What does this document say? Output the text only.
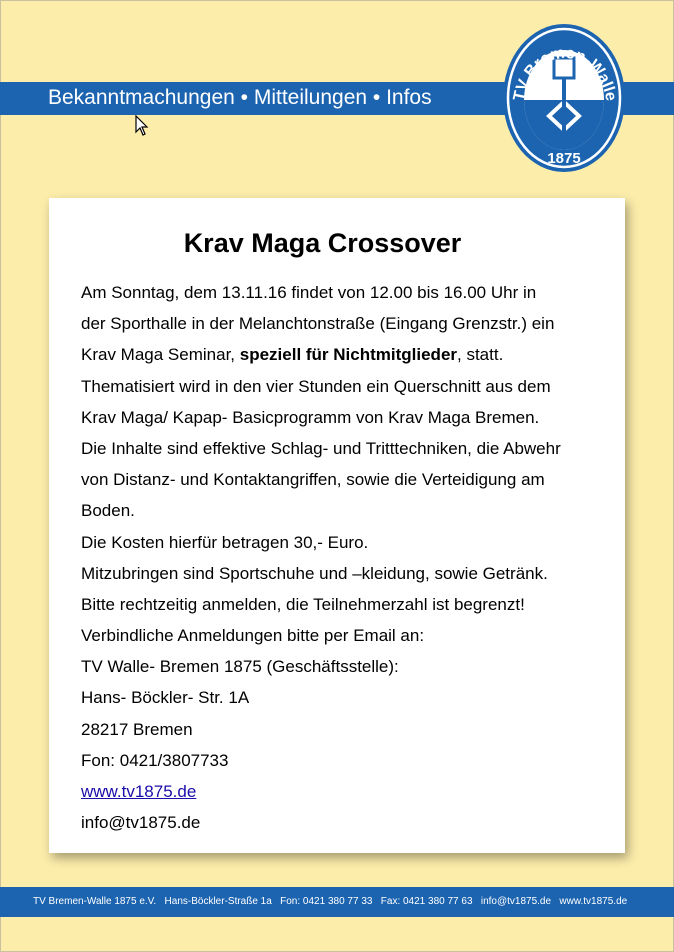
Bekanntmachungen • Mitteilungen • Infos	TV Bremen-Walle
1875
Krav Maga Crossover
Am Sonntag, dem 13.11.16 findet von 12.00 bis 16.00 Uhr in
der Sporthalle in der Melanchtonstraße (Eingang Grenzstr.) ein
Krav Maga Seminar, speziell für Nichtmitglieder, statt.
Thematisiert wird in den vier Stunden ein Querschnitt aus dem
Krav Maga/ Kapap- Basicprogramm von Krav Maga Bremen.
Die Inhalte sind effektive Schlag- und Tritttechniken, die Abwehr
von Distanz- und Kontaktangriffen, sowie die Verteidigung am
Boden.
Die Kosten hierfür betragen 30,- Euro.
Mitzubringen sind Sportschuhe und –kleidung, sowie Getränk.
Bitte rechtzeitig anmelden, die Teilnehmerzahl ist begrenzt!
Verbindliche Anmeldungen bitte per Email an:
TV Walle- Bremen 1875 (Geschäftsstelle):
Hans- Böckler- Str. 1A
28217 Bremen
Fon: 0421/3807733
www.tv1875.de
info@tv1875.de
TV Bremen-Walle 1875 e.V.   Hans-Böckler-Straße 1a   Fon: 0421 380 77 33   Fax: 0421 380 77 63   info@tv1875.de   www.tv1875.de
